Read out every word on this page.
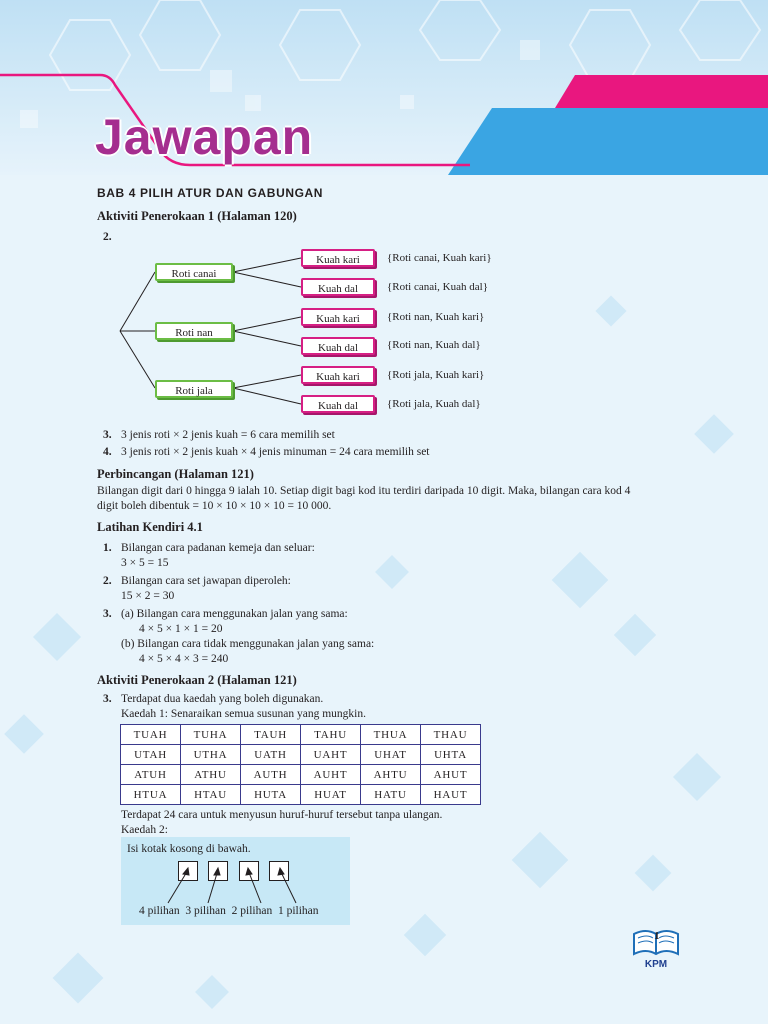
Jawapan
BAB 4 PILIH ATUR DAN GABUNGAN
Aktiviti Penerokaan 1 (Halaman 120)
2.
Roti canai
Roti nan
Roti jala
Kuah kari
Kuah dal
Kuah kari
Kuah dal
Kuah kari
Kuah dal
{Roti canai, Kuah kari}
{Roti canai, Kuah dal}
{Roti nan, Kuah kari}
{Roti nan, Kuah dal}
{Roti jala, Kuah kari}
{Roti jala, Kuah dal}
3. 3 jenis roti × 2 jenis kuah = 6 cara memilih set
4. 3 jenis roti × 2 jenis kuah × 4 jenis minuman = 24 cara memilih set
Perbincangan (Halaman 121)
Bilangan digit dari 0 hingga 9 ialah 10. Setiap digit bagi kod itu terdiri daripada 10 digit. Maka, bilangan cara kod 4
digit boleh dibentuk = 10 × 10 × 10 × 10 = 10 000.
Latihan Kendiri 4.1
1. Bilangan cara padanan kemeja dan seluar:
3 × 5 = 15
2. Bilangan cara set jawapan diperoleh:
15 × 2 = 30
3. (a) Bilangan cara menggunakan jalan yang sama:
4 × 5 × 1 × 1 = 20
(b) Bilangan cara tidak menggunakan jalan yang sama:
4 × 5 × 4 × 3 = 240
Aktiviti Penerokaan 2 (Halaman 121)
3. Terdapat dua kaedah yang boleh digunakan.
Kaedah 1: Senaraikan semua susunan yang mungkin.
TUAH	TUHA	TAUH	TAHU	THUA	THAU
UTAH	UTHA	UATH	UAHT	UHAT	UHTA
ATUH	ATHU	AUTH	AUHT	AHTU	AHUT
HTUA	HTAU	HUTA	HUAT	HATU	HAUT
Terdapat 24 cara untuk menyusun huruf-huruf tersebut tanpa ulangan.
Kaedah 2:
Isi kotak kosong di bawah.
4 pilihan  3 pilihan  2 pilihan  1 pilihan
1
KPM
